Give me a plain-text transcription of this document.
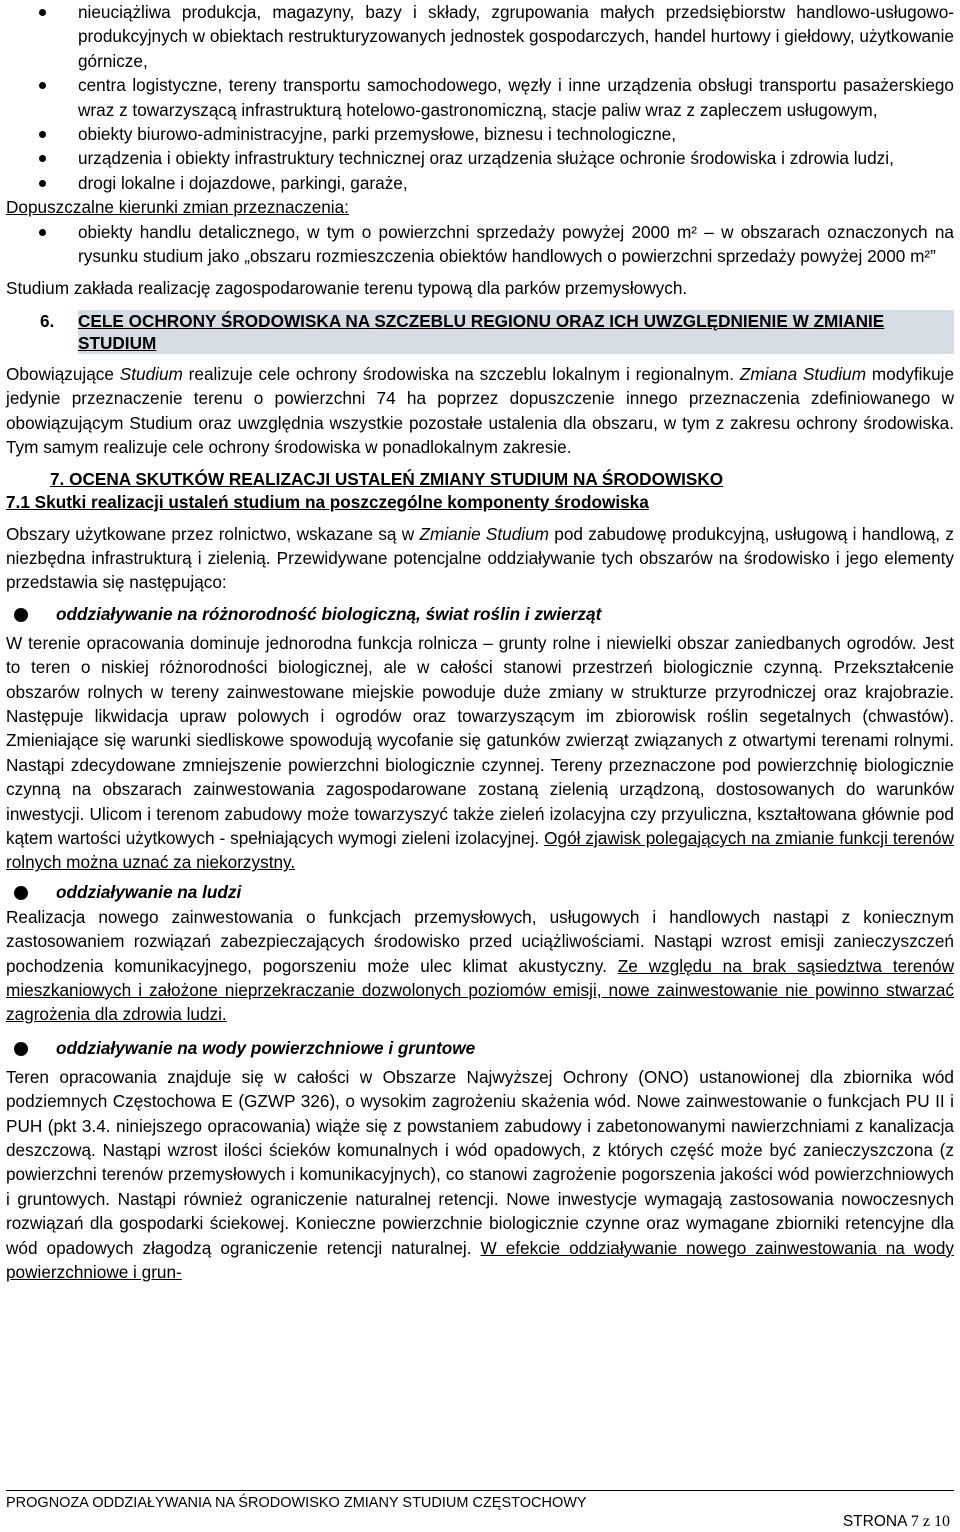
nieuciążliwa produkcja, magazyny, bazy i składy, zgrupowania małych przedsiębiorstw handlowo-usługowo-produkcyjnych w obiektach restrukturyzowanych jednostek gospodarczych, handel hurtowy i giełdowy, użytkowanie górnicze,
centra logistyczne, tereny transportu samochodowego, węzły i inne urządzenia obsługi transportu pasażerskiego wraz z towarzyszącą infrastrukturą hotelowo-gastronomiczną, stacje paliw wraz z zapleczem usługowym,
obiekty biurowo-administracyjne, parki przemysłowe, biznesu i technologiczne,
urządzenia i obiekty infrastruktury technicznej oraz urządzenia służące ochronie środowiska i zdrowia ludzi,
drogi lokalne i dojazdowe, parkingi, garaże,

Dopuszczalne kierunki zmian przeznaczenia:

obiekty handlu detalicznego, w tym o powierzchni sprzedaży powyżej 2000 m² – w obszarach oznaczonych na rysunku studium jako „obszaru rozmieszczenia obiektów handlowych o powierzchni sprzedaży powyżej 2000 m²”

Studium zakłada realizację zagospodarowanie terenu typową dla parków przemysłowych.

6. CELE OCHRONY ŚRODOWISKA NA SZCZEBLU REGIONU ORAZ ICH UWZGLĘDNIENIE W ZMIANIE STUDIUM

Obowiązujące Studium realizuje cele ochrony środowiska na szczeblu lokalnym i regionalnym. Zmiana Studium modyfikuje jedynie przeznaczenie terenu o powierzchni 74 ha poprzez dopuszczenie innego przeznaczenia zdefiniowanego w obowiązującym Studium oraz uwzględnia wszystkie pozostałe ustalenia dla obszaru, w tym z zakresu ochrony środowiska. Tym samym realizuje cele ochrony środowiska w ponadlokalnym zakresie.

7. OCENA SKUTKÓW REALIZACJI USTALEŃ ZMIANY STUDIUM NA ŚRODOWISKO
7.1 Skutki realizacji ustaleń studium na poszczególne komponenty środowiska

Obszary użytkowane przez rolnictwo, wskazane są w Zmianie Studium pod zabudowę produkcyjną, usługową i handlową, z niezbędna infrastrukturą i zielenią. Przewidywane potencjalne oddziaływanie tych obszarów na środowisko i jego elementy przedstawia się następująco:

oddziaływanie na różnorodność biologiczną, świat roślin i zwierząt

W terenie opracowania dominuje jednorodna funkcja rolnicza – grunty rolne i niewielki obszar zaniedbanych ogrodów. Jest to teren o niskiej różnorodności biologicznej, ale w całości stanowi przestrzeń biologicznie czynną. Przekształcenie obszarów rolnych w tereny zainwestowane miejskie powoduje duże zmiany w strukturze przyrodniczej oraz krajobrazie. Następuje likwidacja upraw polowych i ogrodów oraz towarzyszącym im zbiorowisk roślin segetalnych (chwastów). Zmieniające się warunki siedliskowe spowodują wycofanie się gatunków zwierząt związanych z otwartymi terenami rolnymi. Nastąpi zdecydowane zmniejszenie powierzchni biologicznie czynnej. Tereny przeznaczone pod powierzchnię biologicznie czynną na obszarach zainwestowania zagospodarowane zostaną zielenią urządzoną, dostosowanych do warunków inwestycji. Ulicom i terenom zabudowy może towarzyszyć także zieleń izolacyjna czy przyuliczna, kształtowana głównie pod kątem wartości użytkowych - spełniających wymogi zieleni izolacyjnej. Ogół zjawisk polegających na zmianie funkcji terenów rolnych można uznać za niekorzystny.

oddziaływanie na ludzi

Realizacja nowego zainwestowania o funkcjach przemysłowych, usługowych i handlowych nastąpi z koniecznym zastosowaniem rozwiązań zabezpieczających środowisko przed uciążliwościami. Nastąpi wzrost emisji zanieczyszczeń pochodzenia komunikacyjnego, pogorszeniu może ulec klimat akustyczny. Ze względu na brak sąsiedztwa terenów mieszkaniowych i założone nieprzekraczanie dozwolonych poziomów emisji, nowe zainwestowanie nie powinno stwarzać zagrożenia dla zdrowia ludzi.

oddziaływanie na wody powierzchniowe i gruntowe

Teren opracowania znajduje się w całości w Obszarze Najwyższej Ochrony (ONO) ustanowionej dla zbiornika wód podziemnych Częstochowa E (GZWP 326), o wysokim zagrożeniu skażenia wód. Nowe zainwestowanie o funkcjach PU II i PUH (pkt 3.4. niniejszego opracowania) wiąże się z powstaniem zabudowy i zabetonowanymi nawierzchniami z kanalizacja deszczową. Nastąpi wzrost ilości ścieków komunalnych i wód opadowych, z których część może być zanieczyszczona (z powierzchni terenów przemysłowych i komunikacyjnych), co stanowi zagrożenie pogorszenia jakości wód powierzchniowych i gruntowych. Nastąpi również ograniczenie naturalnej retencji. Nowe inwestycje wymagają zastosowania nowoczesnych rozwiązań dla gospodarki ściekowej. Konieczne powierzchnie biologicznie czynne oraz wymagane zbiorniki retencyjne dla wód opadowych złagodzą ograniczenie retencji naturalnej. W efekcie oddziaływanie nowego zainwestowania na wody powierzchniowe i grun-

PROGNOZA ODDZIAŁYWANIA NA ŚRODOWISKO ZMIANY STUDIUM CZĘSTOCHOWY
STRONA 7 z 10
